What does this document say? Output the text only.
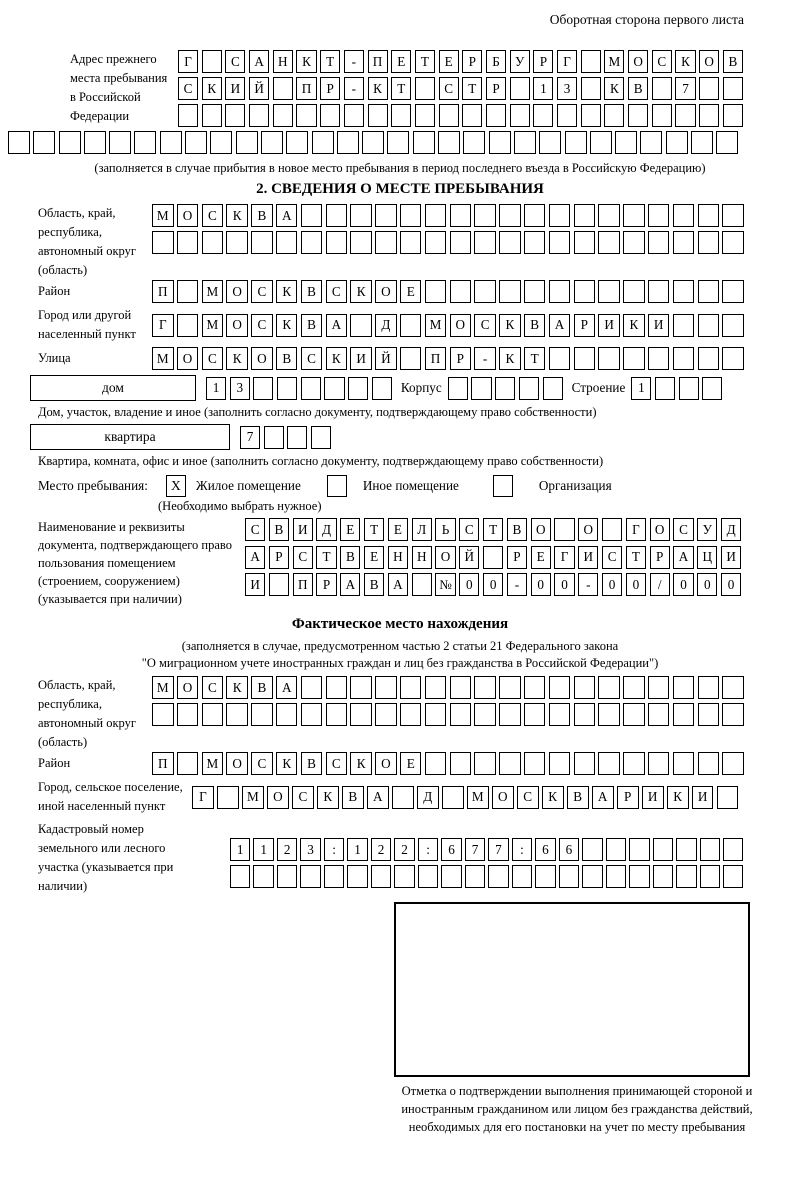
Оборотная сторона первого листа
Адрес прежнего места пребывания в Российской Федерации
Г	С	А	Н	К	Т	-	П	Е	Т	Е	Р	Б	У	Р	Г	М О	С	К	О	В
С	К	И	Й	П	Р	-	К	Т	С	Т	Р	1	3	К	В	7
(заполняется в случае прибытия в новое место пребывания в период последнего въезда в Российскую Федерацию)
2. СВЕДЕНИЯ О МЕСТЕ ПРЕБЫВАНИЯ
Область, край, республика, автономный округ (область)
М	О	С	К	В	А
Район	П	М	О	С	К	В	С	К	О	Е
Город или другой населенный пункт
Г	М	О	С	К	В	А	Д	М	О	С	К	В	А	Р	И	К	И
Улица	М	О	С	К	О	В	С	К	И	Й	П	Р	-	К	Т
дом	1	3	Корпус	Строение 1
Дом, участок, владение и иное (заполнить согласно документу, подтверждающему право собственности)
квартира	7
Квартира, комната, офис и иное (заполнить согласно документу, подтверждающему право собственности)
Место пребывания:	X	Жилое помещение	Иное помещение	Организация
(Необходимо выбрать нужное)
Наименование и реквизиты документа, подтверждающего право пользования помещением (строением, сооружением) (указывается при наличии)
С	В	И	Д	Е	Т	Е	Л	Ь	С	Т	В	О	О	Г	О	С	У	Д
А	Р	С	Т	В	Е	Н	Н	О	Й	Р	Е	Г	И	С	Т	Р	А	Ц	И
И	П	Р	А	В	А	№	0	0	-	0	0	-	0	0	/	0	0	0
Фактическое место нахождения
(заполняется в случае, предусмотренном частью 2 статьи 21 Федерального закона
"О миграционном учете иностранных граждан и лиц без гражданства в Российской Федерации")
Область, край, республика, автономный округ (область)
М	О	С	К	В	А
Район	П	М	О	С	К	В	С	К	О	Е
Город, сельское поселение, иной населенный пункт
Г	М	О	С	К	В	А	Д	М	О	С	К	В	А	Р	И	К	И
Кадастровый номер земельного или лесного участка (указывается при наличии)
1	1	2	3	:	1	2	2	:	6	7	7	:	6	6
Отметка о подтверждении выполнения принимающей стороной и иностранным гражданином или лицом без гражданства действий, необходимых для его постановки на учет по месту пребывания
